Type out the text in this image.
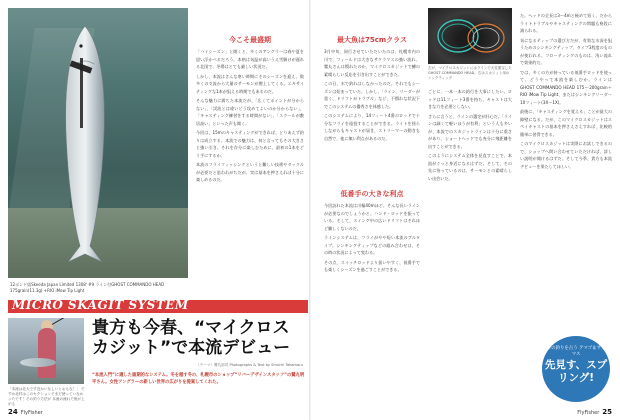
12ポンド級Skeeda Japan Limited 1308' #9 ライン付GHOST COMMANDO HEAD 175grain(11.3g) +RIO iMow Tip Light
今こそ最盛期

「ハイシーズン」と聞くと、多くのアングラーは春や夏を思い浮かべるだろう。本格は気温が高いうえ雪解けが遅れる北国で、冬場はとても厳しい状況だ。

しかし、本流はさんな寒い時期にそのシーズンを迎え、数多くの支流から大量のサーモンが遡上してくる。エキサイティングな1本が狙える時期でもあるのだ。

そんな魅力に満ちた本流だが、「広くてポイントが分からない」、「渓流とは違いどう攻めてよいのか分からない」、「キャスティング練習をする時間がない」、「スクールが敷居高い」といった声も聞く。

今回は、15mのキャスティングができれば、とりあえず釣りは成立する。本流での魅力は、何と言ってもその大きさと強い引き。それを存分に楽しむために、最初の1本をどう手にするか。

本流のフライフィッシングというと難しい技術やタックルが必要だと思われがちだが、実は基本を押さえれば十分に楽しめるのだ。

MICRO SKAGIT SYSTEM
「本流は北大です近かいなしいとおもな！」 ですか北村はこのセクションでまだ使っていなかったです！その釣り方法が 本流の流れで魚が上がる
貴方も今春、“マイクロスカジット”で本流デビュー
（テーマ）鷲丸裕司 Photographs & Text by Shuichi Takamaru
“本流入門”に適した画期的なシステム。冬を越す冬の、札幌市のショップ“リバーデザインスタッフ”の鷲丸明平さん。女性アングラーの新しい世界の広がりを提案してくれた。
24 FlyFisher
最大魚は75cmクラス

3月中旬、同行させていただいたのは、札幌市内の川で、フィールドは大きなサクラマスの強い流れ、鷲丸さんは慣れたのか、マイクロスカジットで鱒の素晴らしい反応を引き出すことができた。

この日、水で釣れはしなかったのだ。それでもシーズンは始まっていた。しかし、「ライン、リーダーが重く、ドリフトがトラブル」など、不慣れな状況下でこのシステムの優秀さを体感した。

このシステムにより、14フィート4番のロッドで十分なフライを遠投することができる。ライトを揺らしながらもキャストが届き、ストリーマーの動きも自然で、他に無い利点があるのだ。

低番手の大きな利点

今回訪れた本流は川幅40mほど。そんな長いラインが必要なのでしょうかと、ハンド・ロッドを振っている。そして、スイング中の広いドリフトはそれほど難しくないのだ。

ラインシステムは、フライがやや短い本流のブルタイプ。シンキングティップなどの組み合わせは、その時の状況によって変わる。

その点、スイッチロッドより扱いやすく、低番手でも楽しくシーズンを過ごすことができる。

左が、マイクロスカジットにはラインで大変重宝した GHOST COMMANDO HEAD。右はスカジット用のシンクティップ

ごとに、一本一本の釣行を大事にしたい。ロッドは11フィート3番を持ち、キャストは大きな力を必要としない。

さらに言うと、ラインの選定が肝心だ。「ラインは細くて軽いほうが有利」という人も多いが、本流でのスカジットラインは十分に重さがあり、ショートヘッドでも充分に飛距離を出すことができる。

このようにシステム全体を見直すことで、本流がぐっと身近になるはずだ。そして、その先に待っているのは、サーモンとの素晴らしい出会いだ。

た。ヘッドの全長は3〜4mと極めて短く、だからライトトラブルやキャスティングの問題も格段に減られる。

気になるティップの選び方だが、有効な水深を狙うためのシンキングティップ、タイプ3程度のものが使われる。フローティングのものは、浅い流れで効果的だ。

では、多くの方が持っている低番手ロッドを使って、どうやって本流を楽しむか。ラインはGHOST COMMANDO HEAD 175〜200grain＋RIO iMow Tip Light、またはシンキングリーダー10フィート(3X〜1X)。

最後に、「キャスティングを覚える」ことが最大の障壁になる。だが、このマイクロスカジットはスペイキャストの基本を押さえさえすれば、比較的簡単に習得できる。

このマイクロスカジットは実際にお試しできるので、ショップへ問い合わせていただければ、詳しい説明が聞けるはずだ。そして今季、貴方も本流デビューを果たしてほしい。

今年の釣りを占う アマゴ＆サクラマス
先見す、スプリング!
FlyFisher 25
